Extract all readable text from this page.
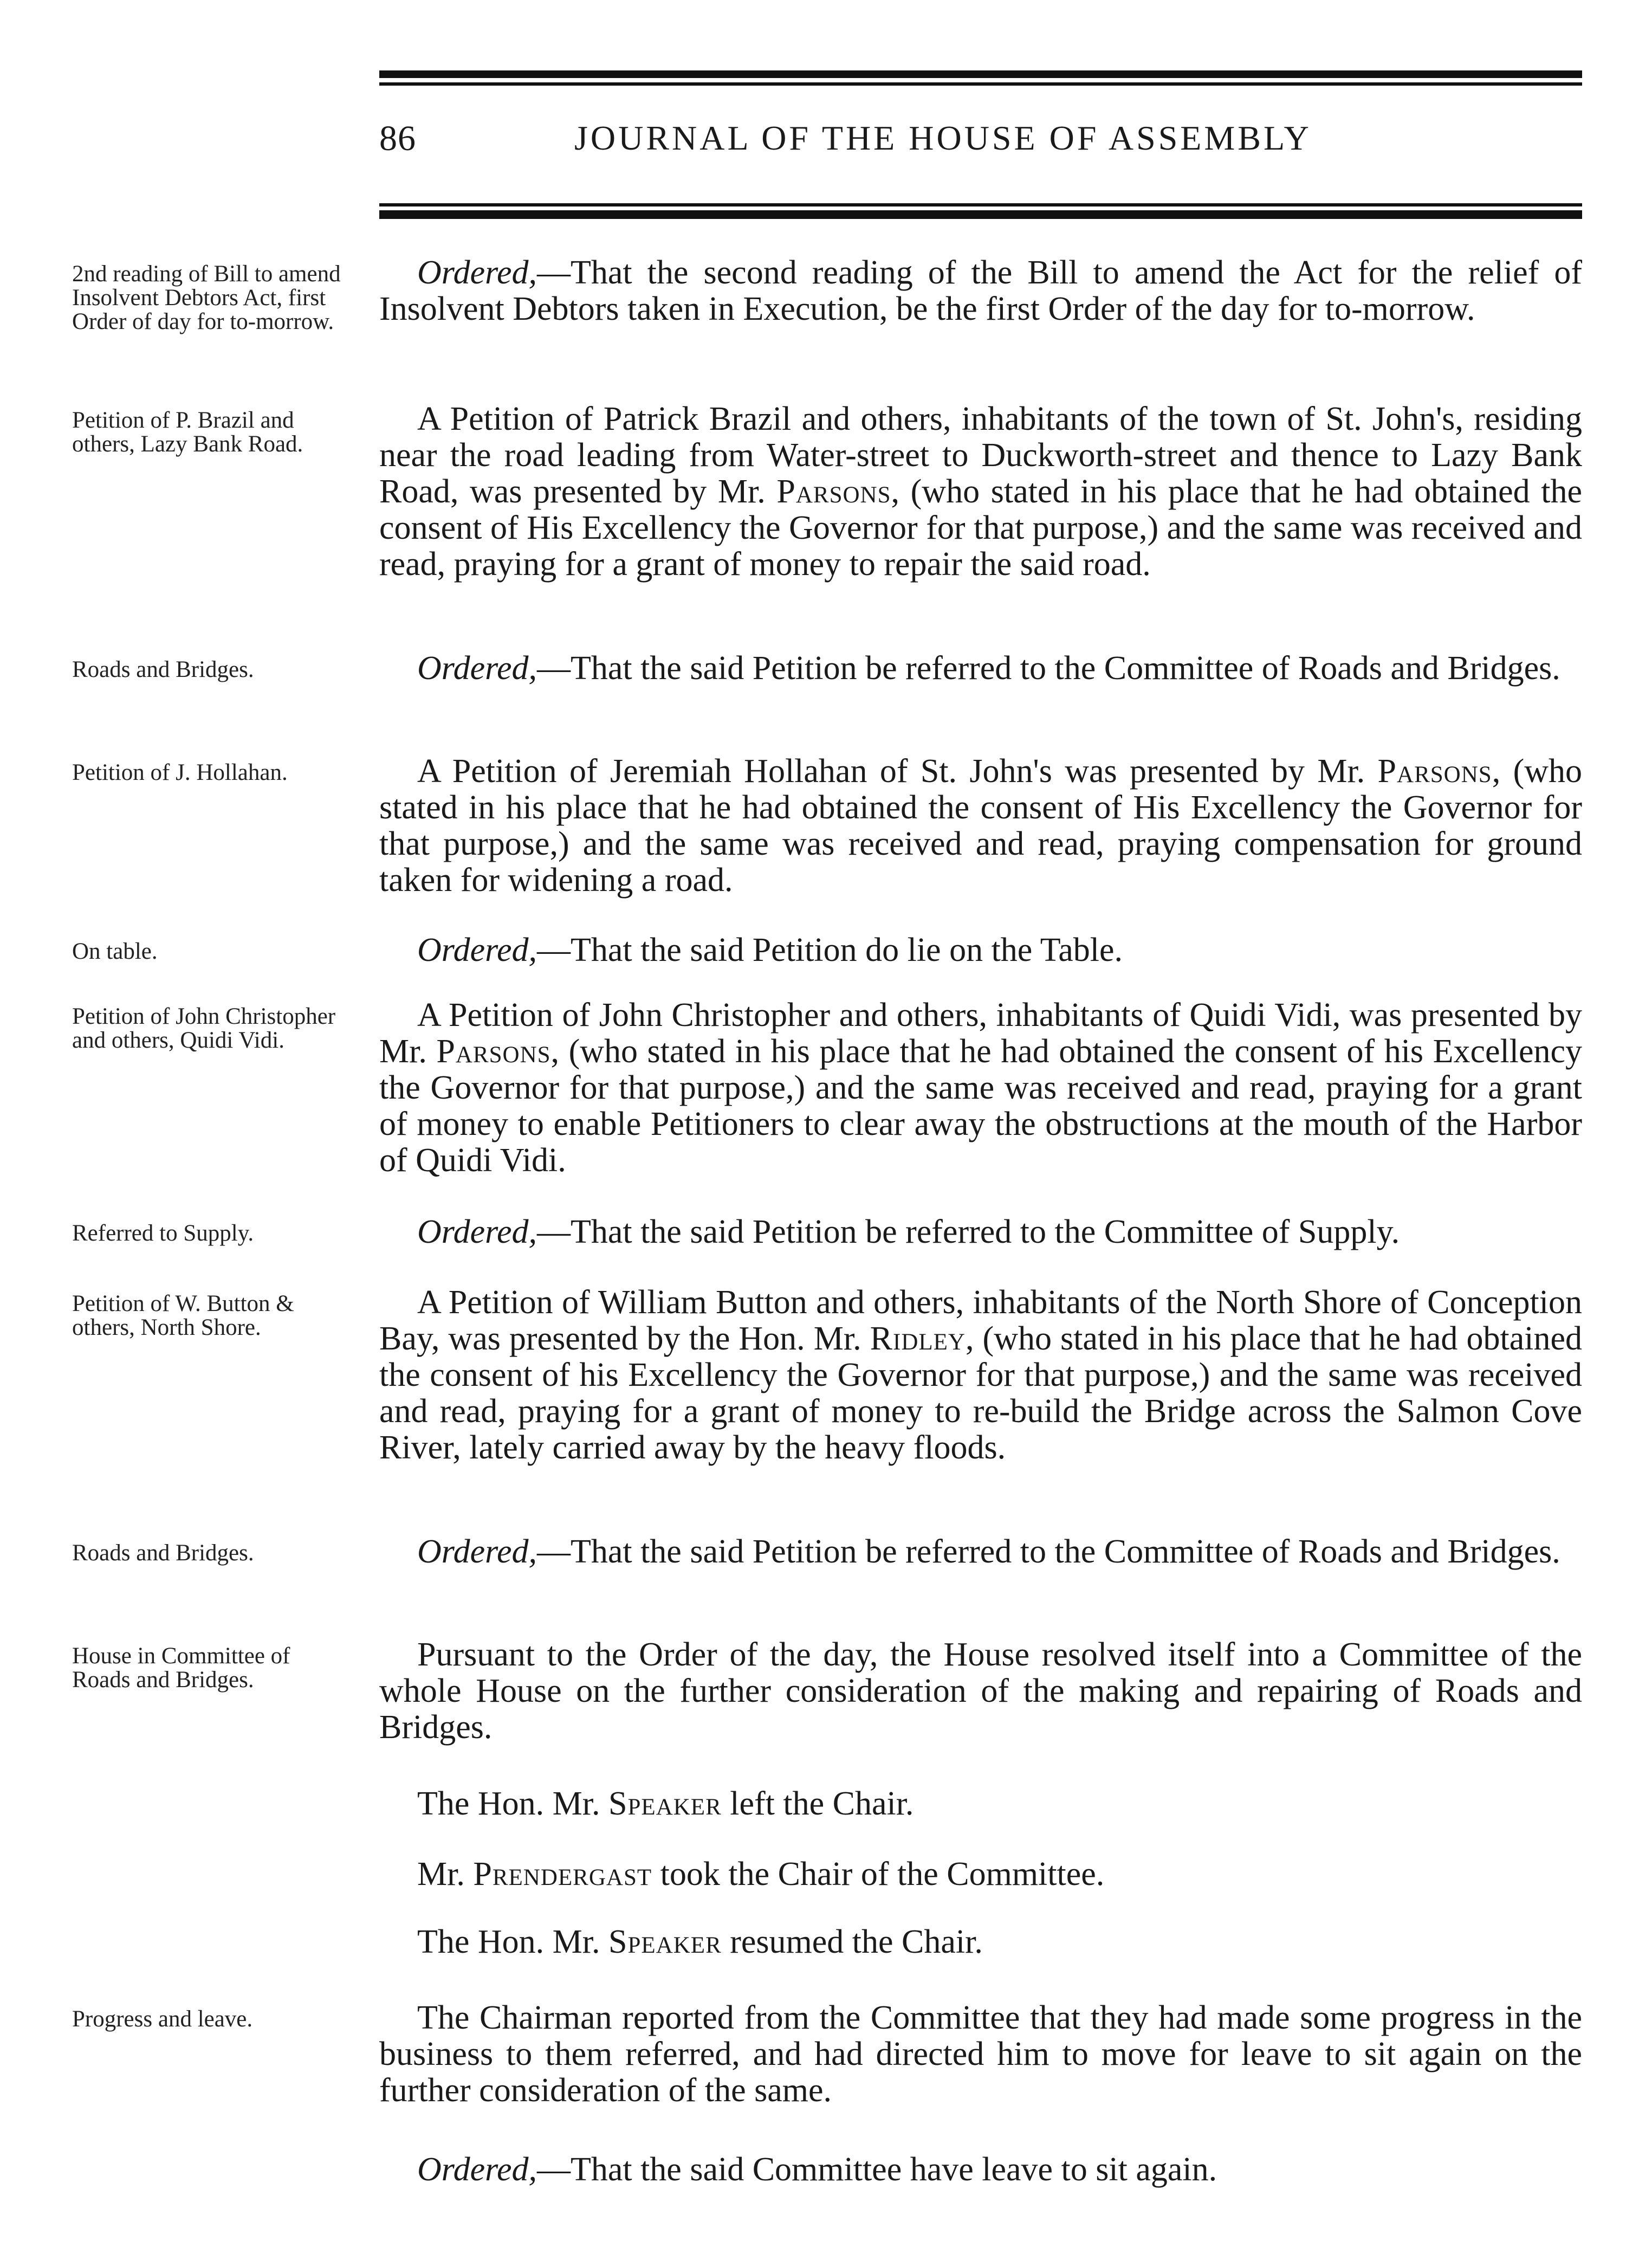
86	JOURNAL OF THE HOUSE OF ASSEMBLY
2nd reading of Bill to amend Insolvent Debtors Act, first Order of day for to-morrow.
Ordered,—That the second reading of the Bill to amend the Act for the relief of Insolvent Debtors taken in Execution, be the first Order of the day for to-morrow.
Petition of P. Brazil and others, Lazy Bank Road.
A Petition of Patrick Brazil and others, inhabitants of the town of St. John's, residing near the road leading from Water-street to Duckworth-street and thence to Lazy Bank Road, was presented by Mr. Parsons, (who stated in his place that he had obtained the consent of His Excellency the Governor for that purpose,) and the same was received and read, praying for a grant of money to repair the said road.
Roads and Bridges.	Ordered,—That the said Petition be referred to the Committee of Roads and Bridges.
Petition of J. Hollahan.	A Petition of Jeremiah Hollahan of St. John's was presented by Mr. Parsons, (who stated in his place that he had obtained the consent of His Excellency the Governor for that purpose,) and the same was received and read, praying compensation for ground taken for widening a road.
On table.	Ordered,—That the said Petition do lie on the Table.
Petition of John Christopher and others, Quidi Vidi.
A Petition of John Christopher and others, inhabitants of Quidi Vidi, was presented by Mr. Parsons, (who stated in his place that he had obtained the consent of his Excellency the Governor for that purpose,) and the same was received and read, praying for a grant of money to enable Petitioners to clear away the obstructions at the mouth of the Harbor of Quidi Vidi.
Referred to Supply.	Ordered,—That the said Petition be referred to the Committee of Supply.
Petition of W. Button & others, North Shore.
A Petition of William Button and others, inhabitants of the North Shore of Conception Bay, was presented by the Hon. Mr. Ridley, (who stated in his place that he had obtained the consent of his Excellency the Governor for that purpose,) and the same was received and read, praying for a grant of money to re-build the Bridge across the Salmon Cove River, lately carried away by the heavy floods.
Roads and Bridges.	Ordered,—That the said Petition be referred to the Committee of Roads and Bridges.
House in Committee of Roads and Bridges.
Pursuant to the Order of the day, the House resolved itself into a Committee of the whole House on the further consideration of the making and repairing of Roads and Bridges.
The Hon. Mr. Speaker left the Chair.
Mr. Prendergast took the Chair of the Committee.
The Hon. Mr. Speaker resumed the Chair.
Progress and leave.	The Chairman reported from the Committee that they had made some progress in the business to them referred, and had directed him to move for leave to sit again on the further consideration of the same.
Ordered,—That the said Committee have leave to sit again.
